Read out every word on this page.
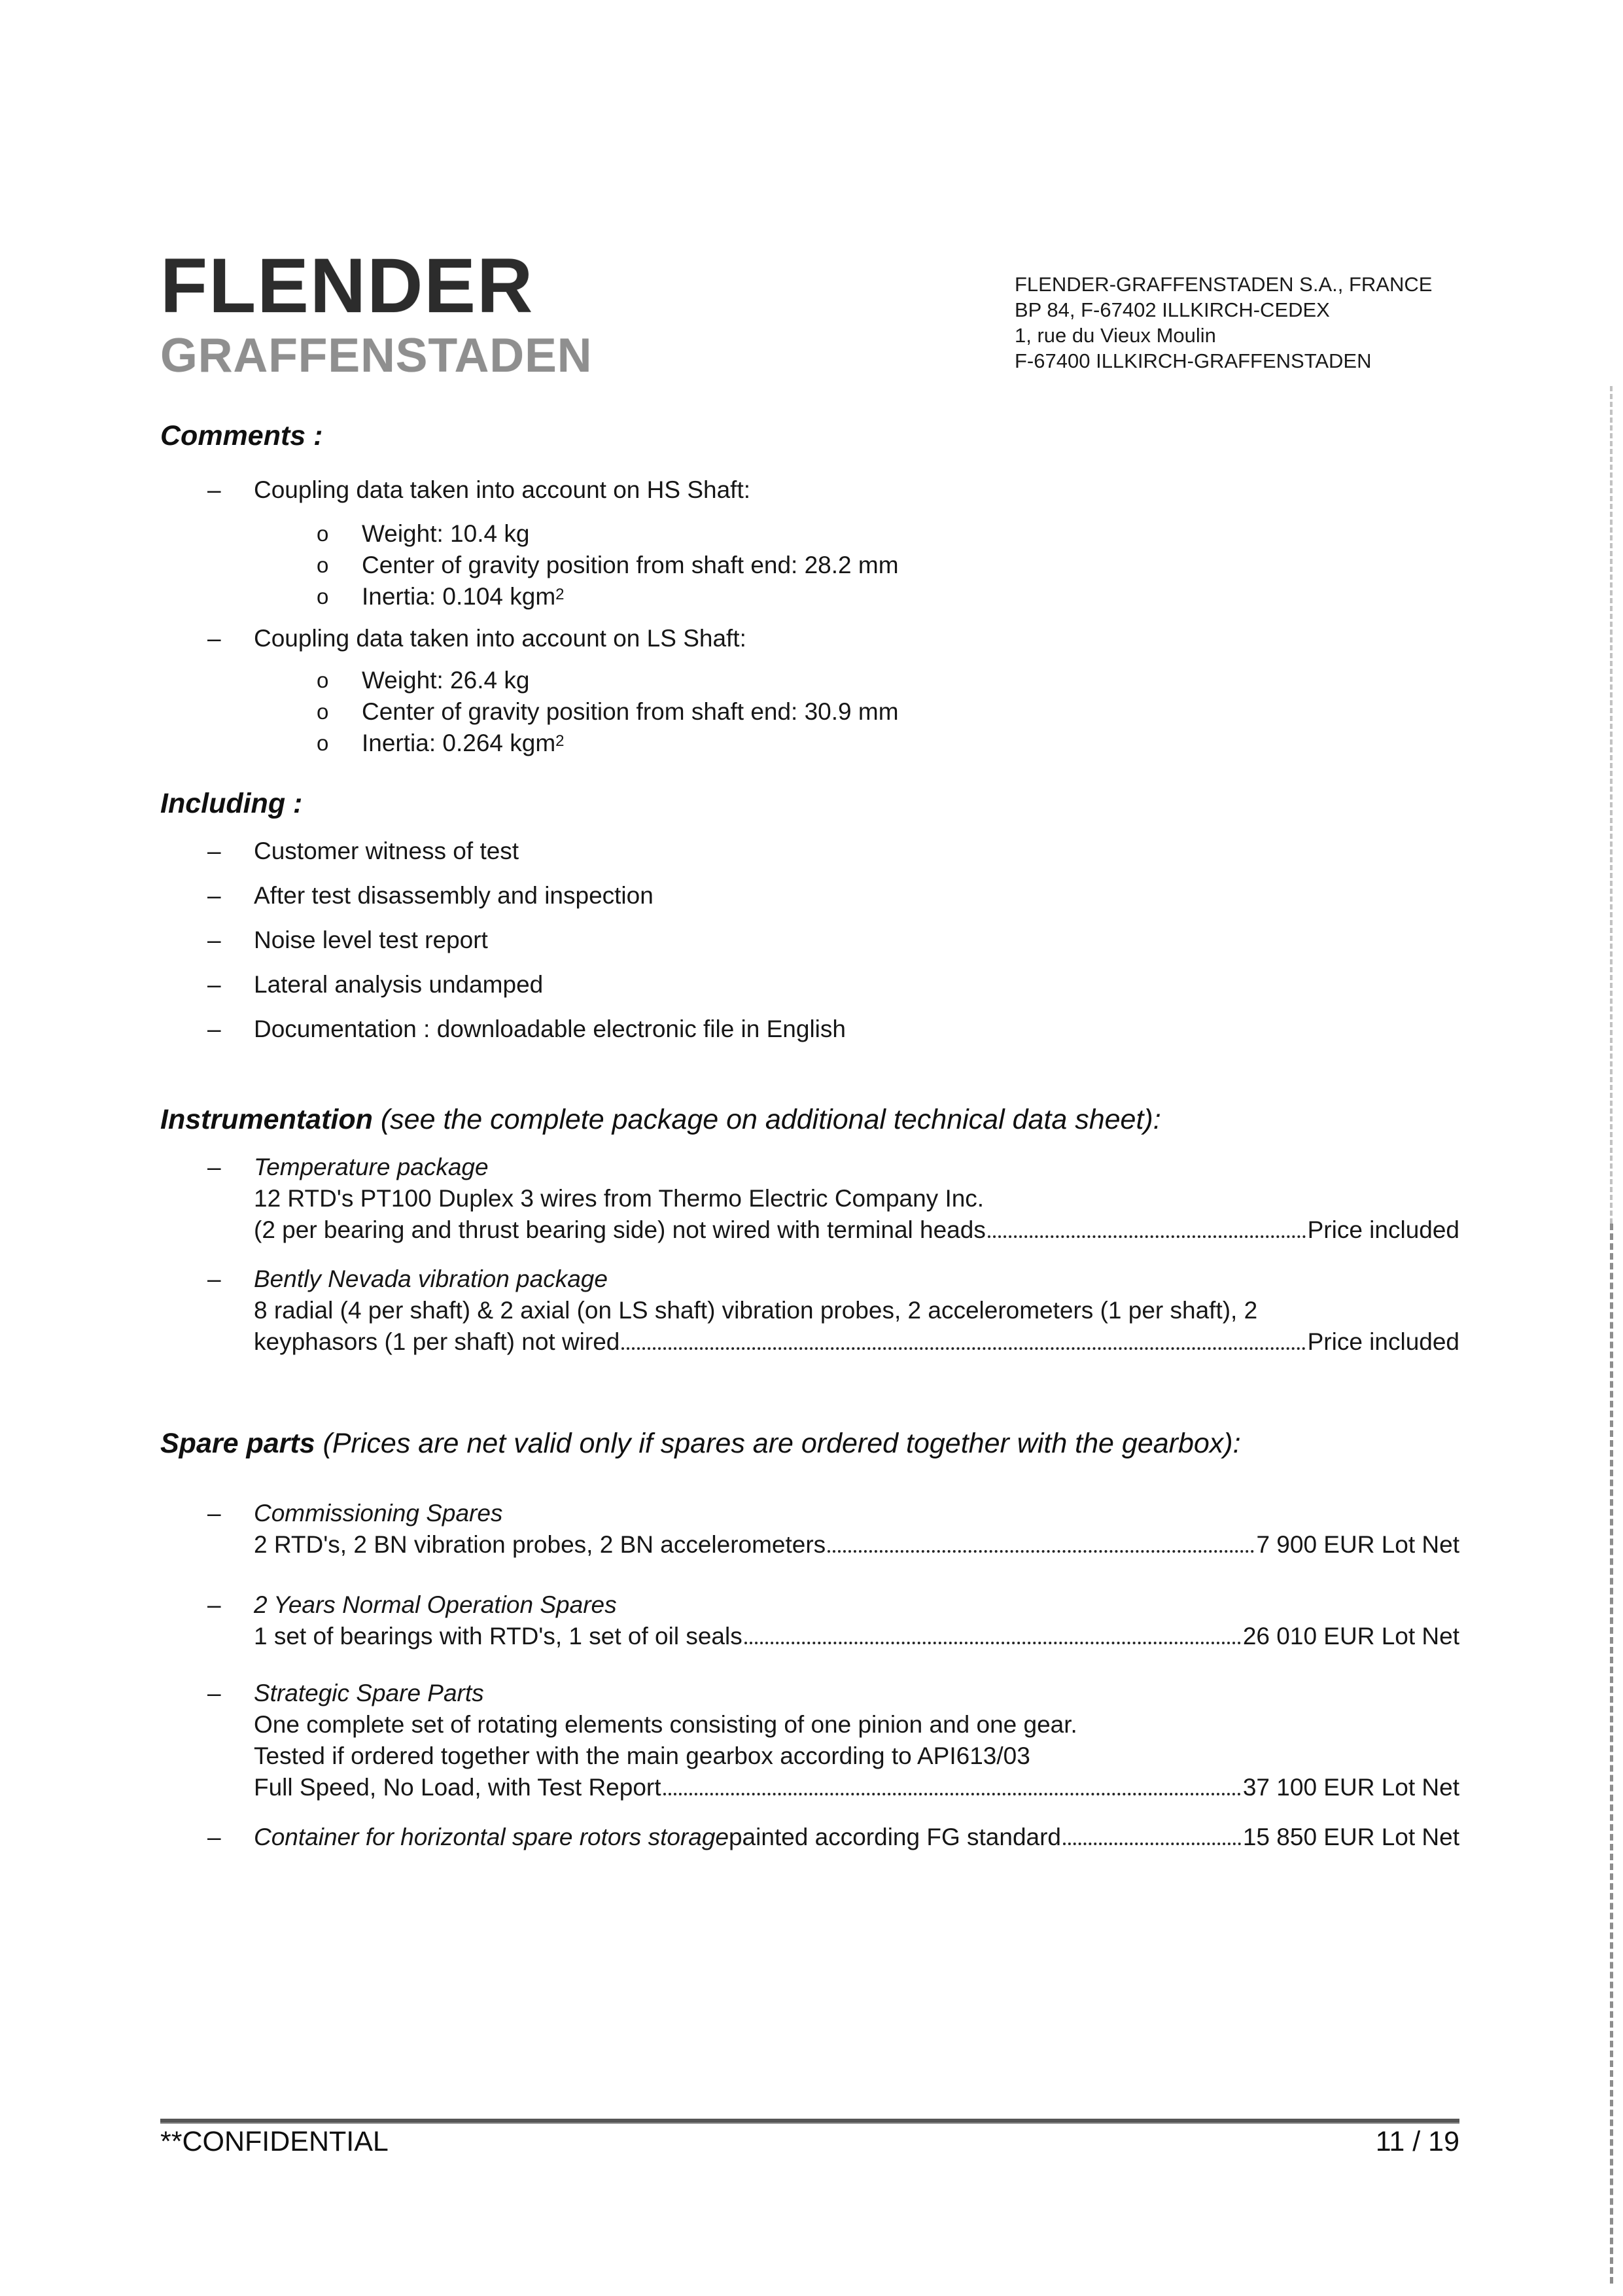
FLENDER
GRAFFENSTADEN
FLENDER-GRAFFENSTADEN S.A., FRANCE
BP 84, F-67402 ILLKIRCH-CEDEX
1, rue du Vieux Moulin
F-67400 ILLKIRCH-GRAFFENSTADEN
Comments :
–	Coupling data taken into account on HS Shaft:
o	Weight: 10.4 kg
o	Center of gravity position from shaft end: 28.2 mm
o	Inertia: 0.104 kgm$^2$
–	Coupling data taken into account on LS Shaft:
o	Weight: 26.4 kg
o	Center of gravity position from shaft end: 30.9 mm
o	Inertia: 0.264 kgm$^2$
Including :
–	Customer witness of test
–	After test disassembly and inspection
–	Noise level test report
–	Lateral analysis undamped
–	Documentation : downloadable electronic file in English
Instrumentation (see the complete package on additional technical data sheet):
–	Temperature package
12 RTD's PT100 Duplex 3 wires from Thermo Electric Company Inc.
(2 per bearing and thrust bearing side) not wired with terminal heads	Price included
–	Bently Nevada vibration package
8 radial (4 per shaft) & 2 axial (on LS shaft) vibration probes, 2 accelerometers (1 per shaft), 2
keyphasors (1 per shaft) not wired	Price included
Spare parts (Prices are net valid only if spares are ordered together with the gearbox):
–	Commissioning Spares
2 RTD's, 2 BN vibration probes, 2 BN accelerometers	7 900 EUR Lot Net
–	2 Years Normal Operation Spares
1 set of bearings with RTD's, 1 set of oil seals	26 010 EUR Lot Net
–	Strategic Spare Parts
One complete set of rotating elements consisting of one pinion and one gear.
Tested if ordered together with the main gearbox according to API613/03
Full Speed, No Load, with Test Report	37 100 EUR Lot Net
–	Container for horizontal spare rotors storage painted according FG standard	15 850 EUR Lot Net
**CONFIDENTIAL	11 / 19
